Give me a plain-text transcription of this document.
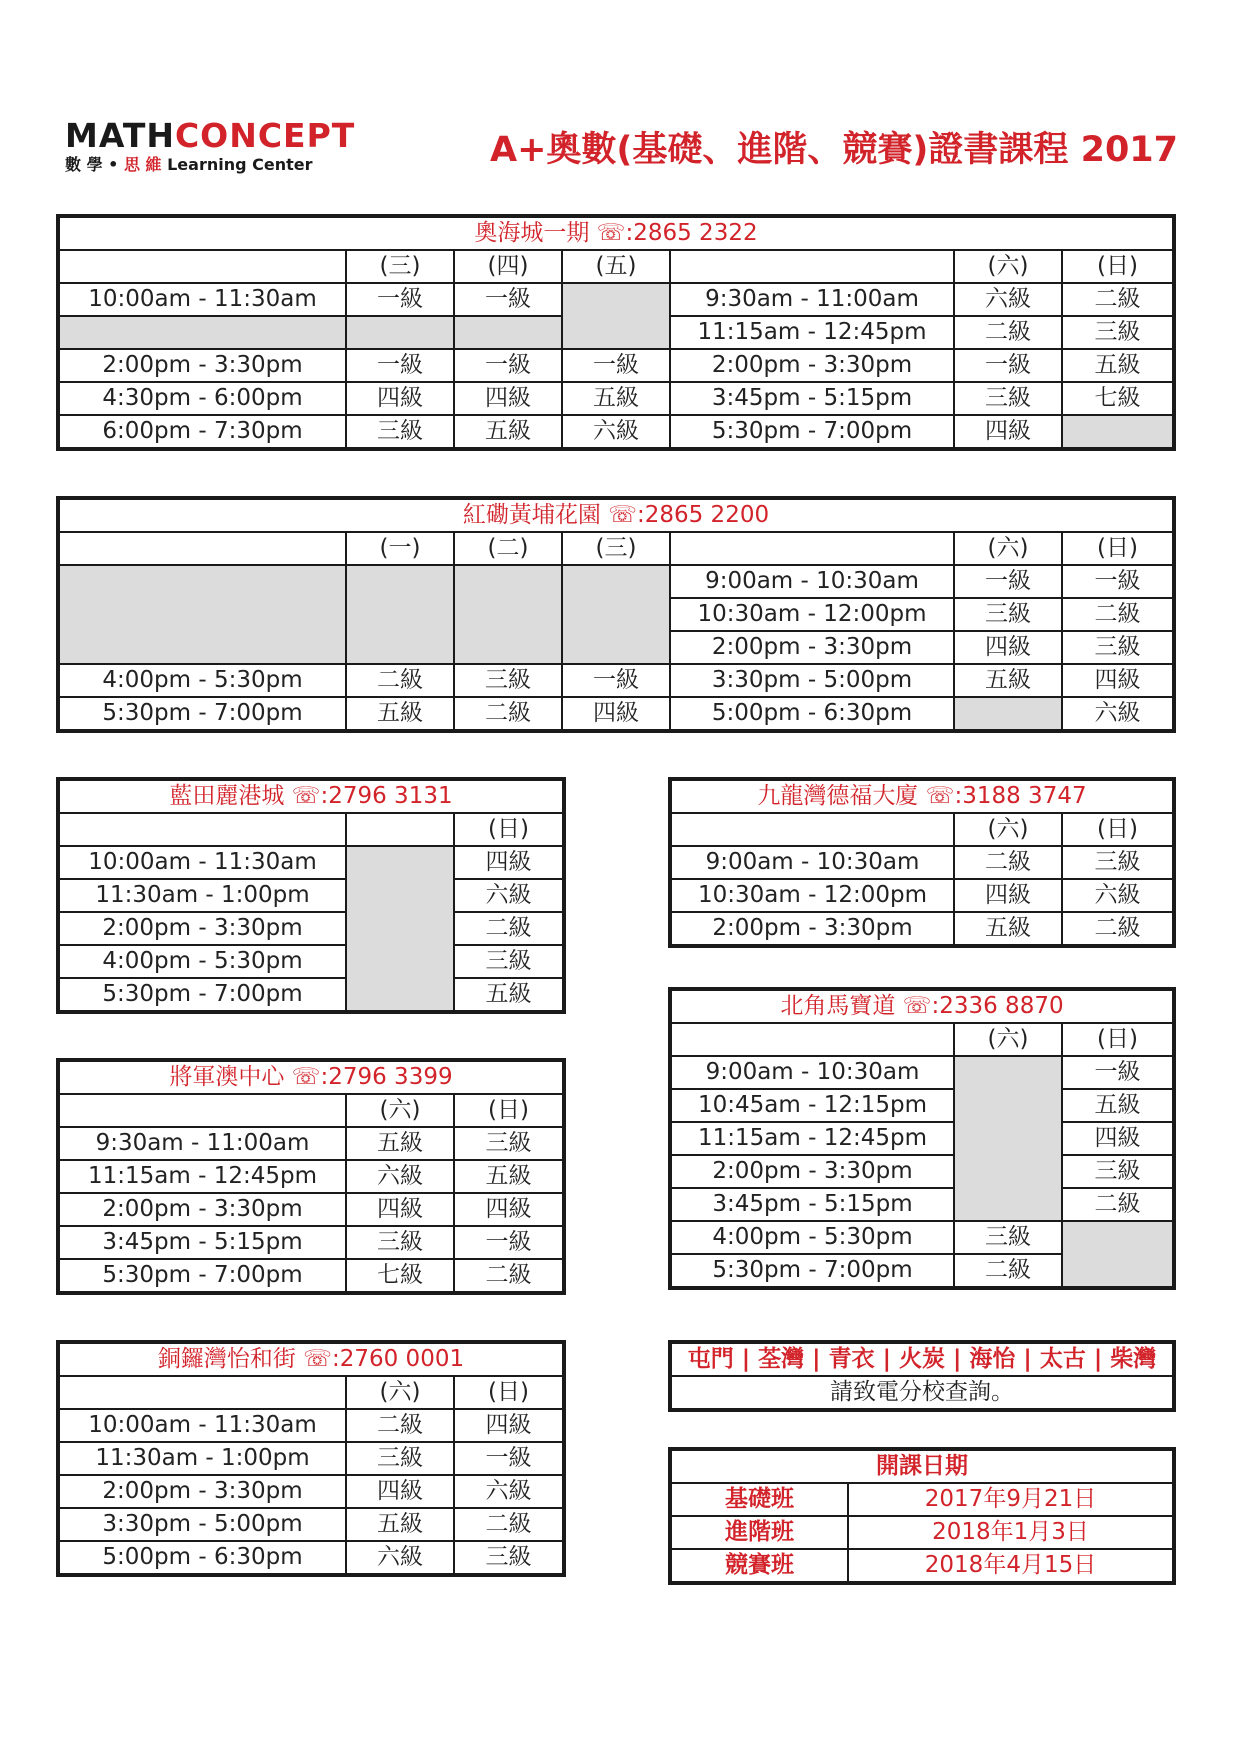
MATHCONCEPT
數 學 • 思 維 Learning Center	A+奧數(基礎、進階、競賽)證書課程 2017
奧海城一期 ☏:2865 2322						
	(三)	(四)	(五)		(六)	(日)
10:00am - 11:30am	一級	一級		9:30am - 11:00am	六級	二級
				11:15am - 12:45pm	二級	三級
2:00pm - 3:30pm	一級	一級	一級	2:00pm - 3:30pm	一級	五級
4:30pm - 6:00pm	四級	四級	五級	3:45pm - 5:15pm	三級	七級
6:00pm - 7:30pm	三級	五級	六級	5:30pm - 7:00pm	四級	
紅磡黃埔花園 ☏:2865 2200						
	(一)	(二)	(三)		(六)	(日)
				9:00am - 10:30am	一級	一級
				10:30am - 12:00pm	三級	二級
				2:00pm - 3:30pm	四級	三級
4:00pm - 5:30pm	二級	三級	一級	3:30pm - 5:00pm	五級	四級
5:30pm - 7:00pm	五級	二級	四級	5:00pm - 6:30pm		六級
藍田麗港城 ☏:2796 3131		
		(日)
10:00am - 11:30am		四級
11:30am - 1:00pm		六級
2:00pm - 3:30pm		二級
4:00pm - 5:30pm		三級
5:30pm - 7:00pm		五級
九龍灣德福大廈 ☏:3188 3747		
	(六)	(日)
9:00am - 10:30am	二級	三級
10:30am - 12:00pm	四級	六級
2:00pm - 3:30pm	五級	二級
將軍澳中心 ☏:2796 3399		
	(六)	(日)
9:30am - 11:00am	五級	三級
11:15am - 12:45pm	六級	五級
2:00pm - 3:30pm	四級	四級
3:45pm - 5:15pm	三級	一級
5:30pm - 7:00pm	七級	二級
北角馬寶道 ☏:2336 8870		
	(六)	(日)
9:00am - 10:30am		一級
10:45am - 12:15pm		五級
11:15am - 12:45pm		四級
2:00pm - 3:30pm		三級
3:45pm - 5:15pm		二級
4:00pm - 5:30pm	三級	
5:30pm - 7:00pm	二級	
銅鑼灣怡和街 ☏:2760 0001		
	(六)	(日)
10:00am - 11:30am	二級	四級
11:30am - 1:00pm	三級	一級
2:00pm - 3:30pm	四級	六級
3:30pm - 5:00pm	五級	二級
5:00pm - 6:30pm	六級	三級
屯門 | 荃灣 | 青衣 | 火炭 | 海怡 | 太古 | 柴灣
請致電分校查詢。
開課日期	
基礎班	2017年9月21日
進階班	2018年1月3日
競賽班	2018年4月15日
